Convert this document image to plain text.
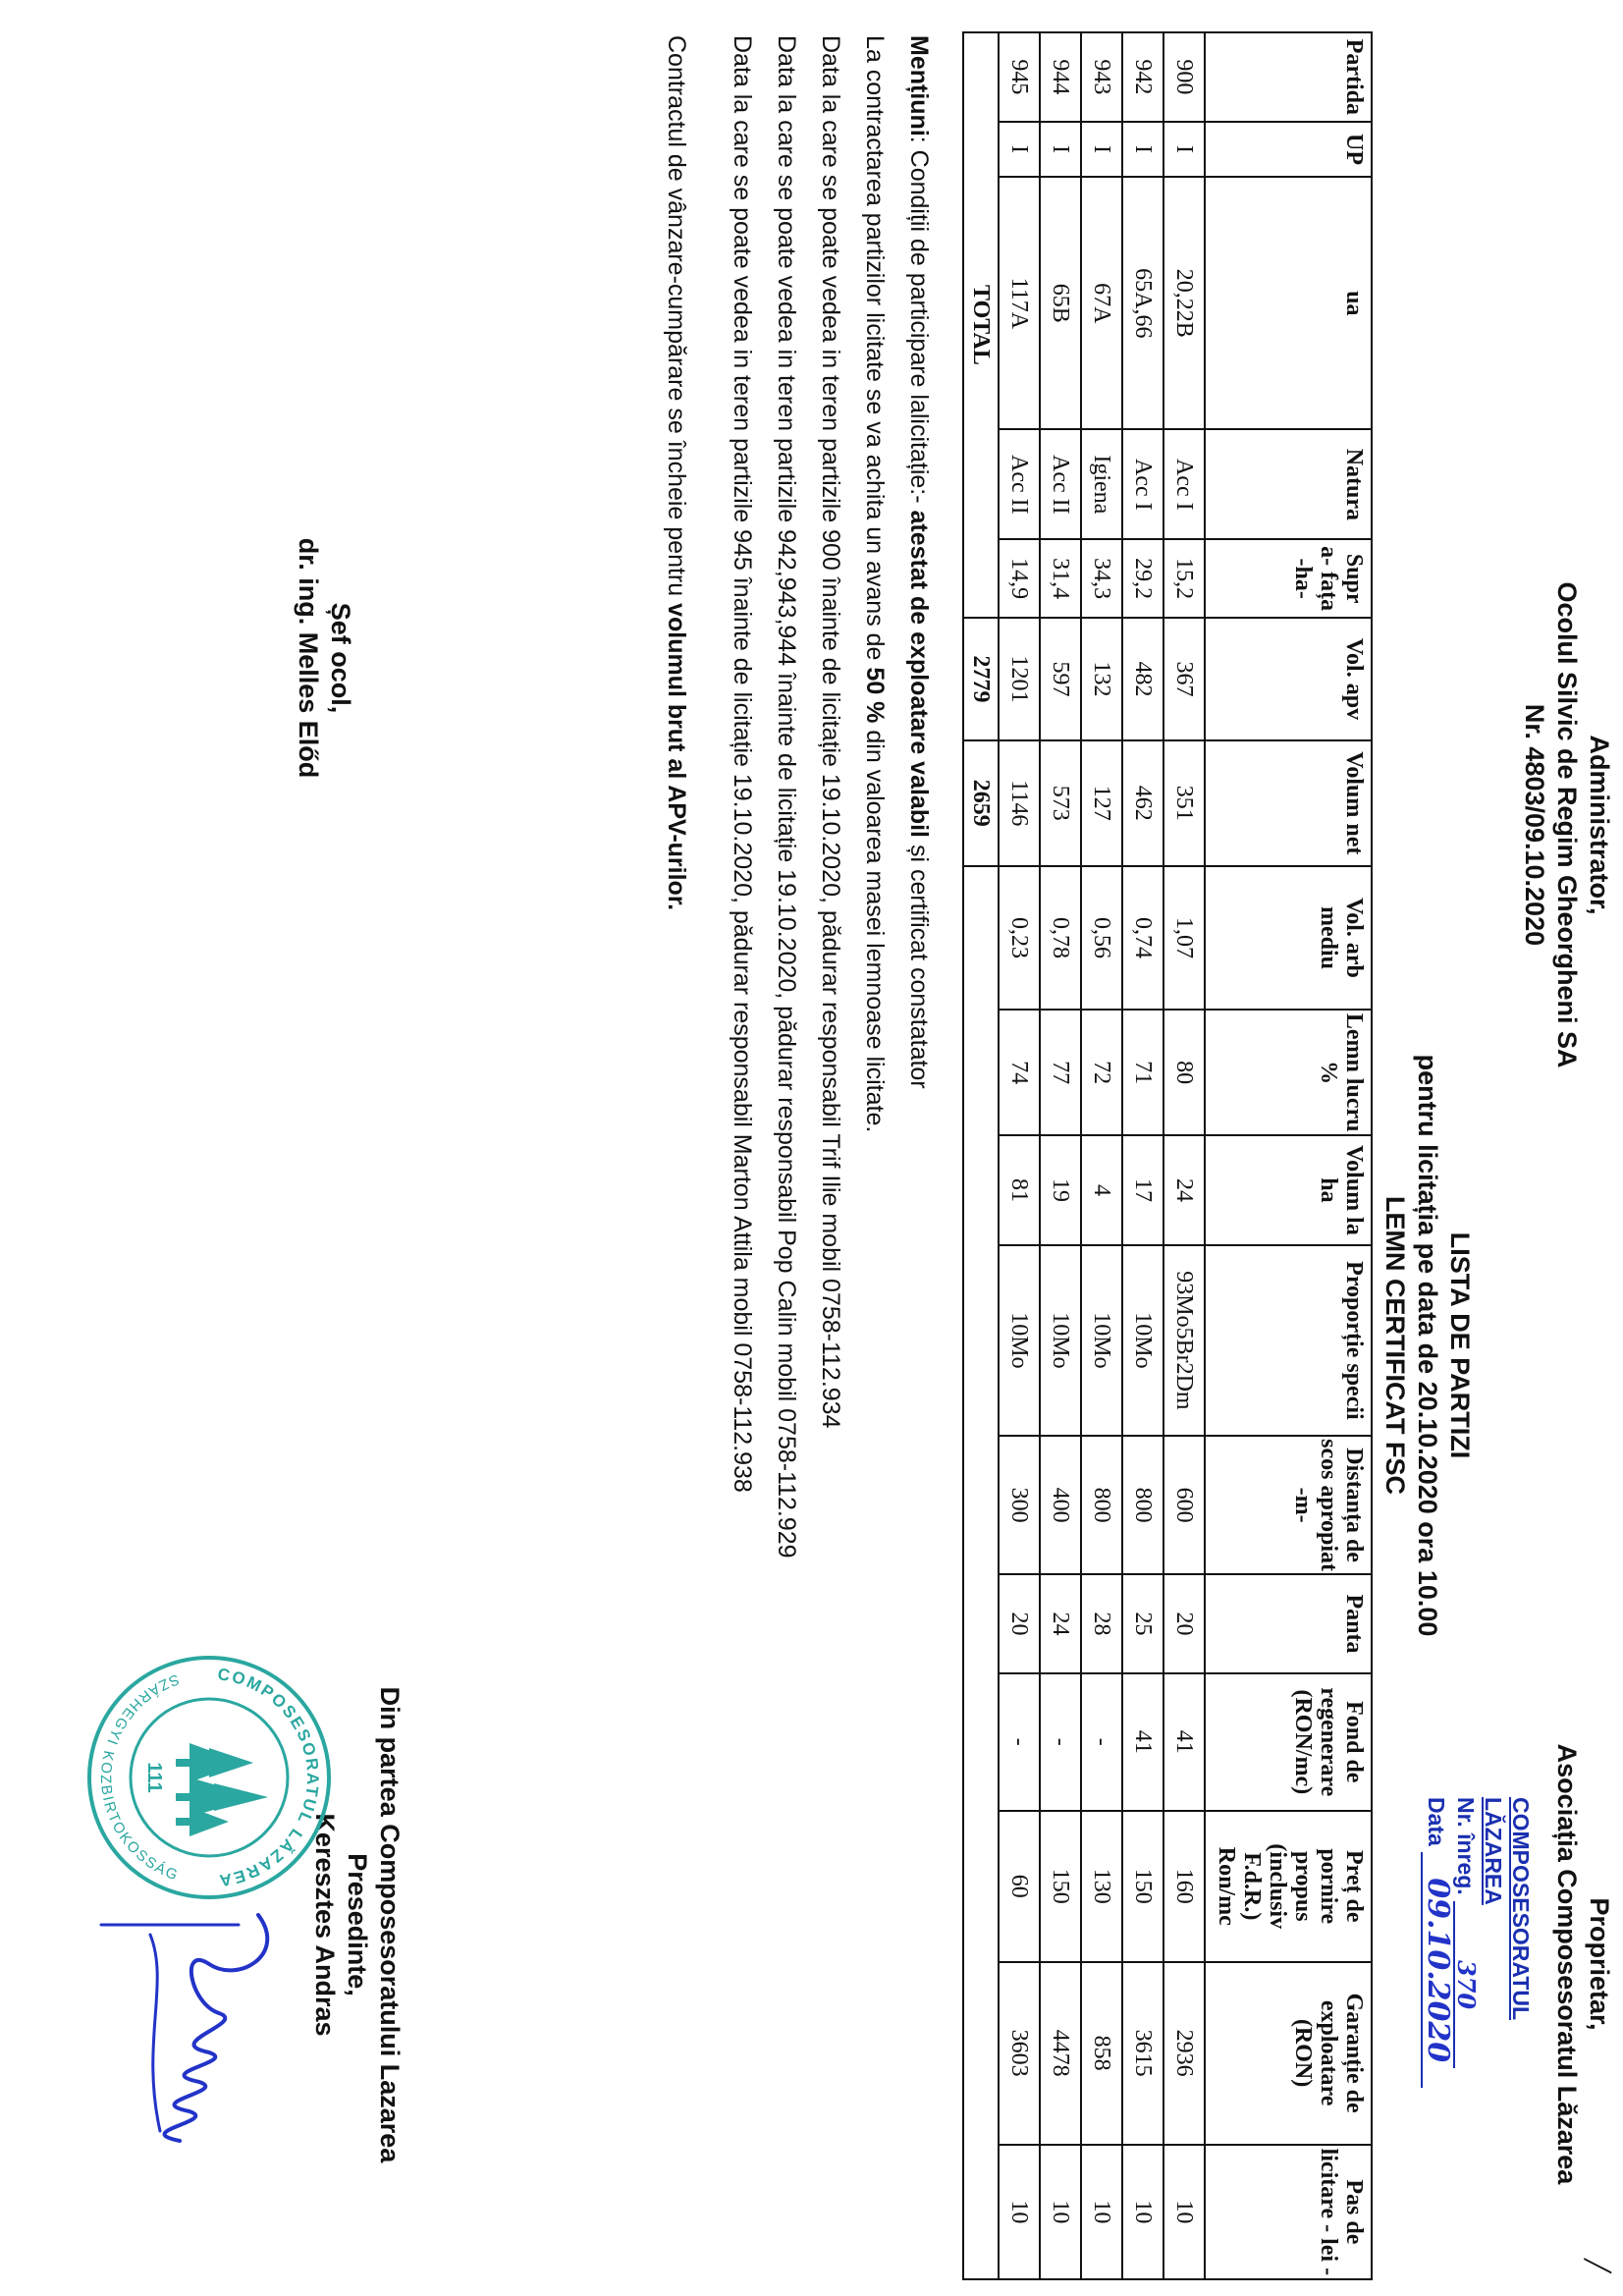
Administrator,
Ocolul Silvic de Regim Gheorgheni SA
Nr. 4803/09.10.2020
Proprietar,
Asociația Composesoratul Lăzarea
COMPOSESORATUL LĂZAREA
Nr. înreg. 370
Data 09.10.2020
LISTA DE PARTIZI
pentru licitația pe data de 20.10.2020 ora 10.00
LEMN CERTIFICAT FSC
Partida	UP	ua	Natura	Supr a- fața -ha-	Vol. apv	Volum net	Vol. arb mediu	Lemn lucru %	Volum la ha	Proporție specii	Distanța de scos apropiat -m-	Panta	Fond de regenerare (RON/mc)	Preț de pornire propus (inclusiv F.d.R.) Ron/mc	Garanție de exploatare (RON)	Pas de licitare - lei -
900	I	20,22B	Acc I	15,2	367	351	1,07	80	24	93Mo5Br2Dm	600	20	41	160	2936	10
942	I	65A,66	Acc I	29,2	482	462	0,74	71	17	10Mo	800	25	41	150	3615	10
943	I	67A	Igiena	34,3	132	127	0,56	72	4	10Mo	800	28	-	130	858	10
944	I	65B	Acc II	31,4	597	573	0,78	77	19	10Mo	400	24	-	150	4478	10
945	I	117A	Acc II	14,9	1201	1146	0,23	74	81	10Mo	300	20	-	60	3603	10
TOTAL					2779	2659										
Mențiuni: Condiții de participare lalicitație:- atestat de exploatare valabil și certificat constatator
La contractarea partizilor licitate se va achita un avans de 50 % din valoarea masei lemnoase licitate.
Data la care se poate vedea in teren partizile 900 înainte de licitație 19.10.2020, pădurar responsabil Trif Ilie mobil 0758-112.934
Data la care se poate vedea in teren partizile 942,943,944 înainte de licitație 19.10.2020, pădurar responsabil Pop Calin mobil 0758-112.929
Data la care se poate vedea in teren partizile 945 înainte de licitație 19.10.2020, pădurar responsabil Marton Attila mobil 0758-112.938
Contractul de vânzare-cumpărare se încheie pentru volumul brut al APV-urilor.
Șef ocol,
dr. ing. Melles Előd
Din partea Composesoratului Lazarea
Presedinte,
Keresztes Andras
COMPOSESORATUL LĂZAREA
SZÁRHEGYI KOZBIRTOKOSSÁG
111
╱
